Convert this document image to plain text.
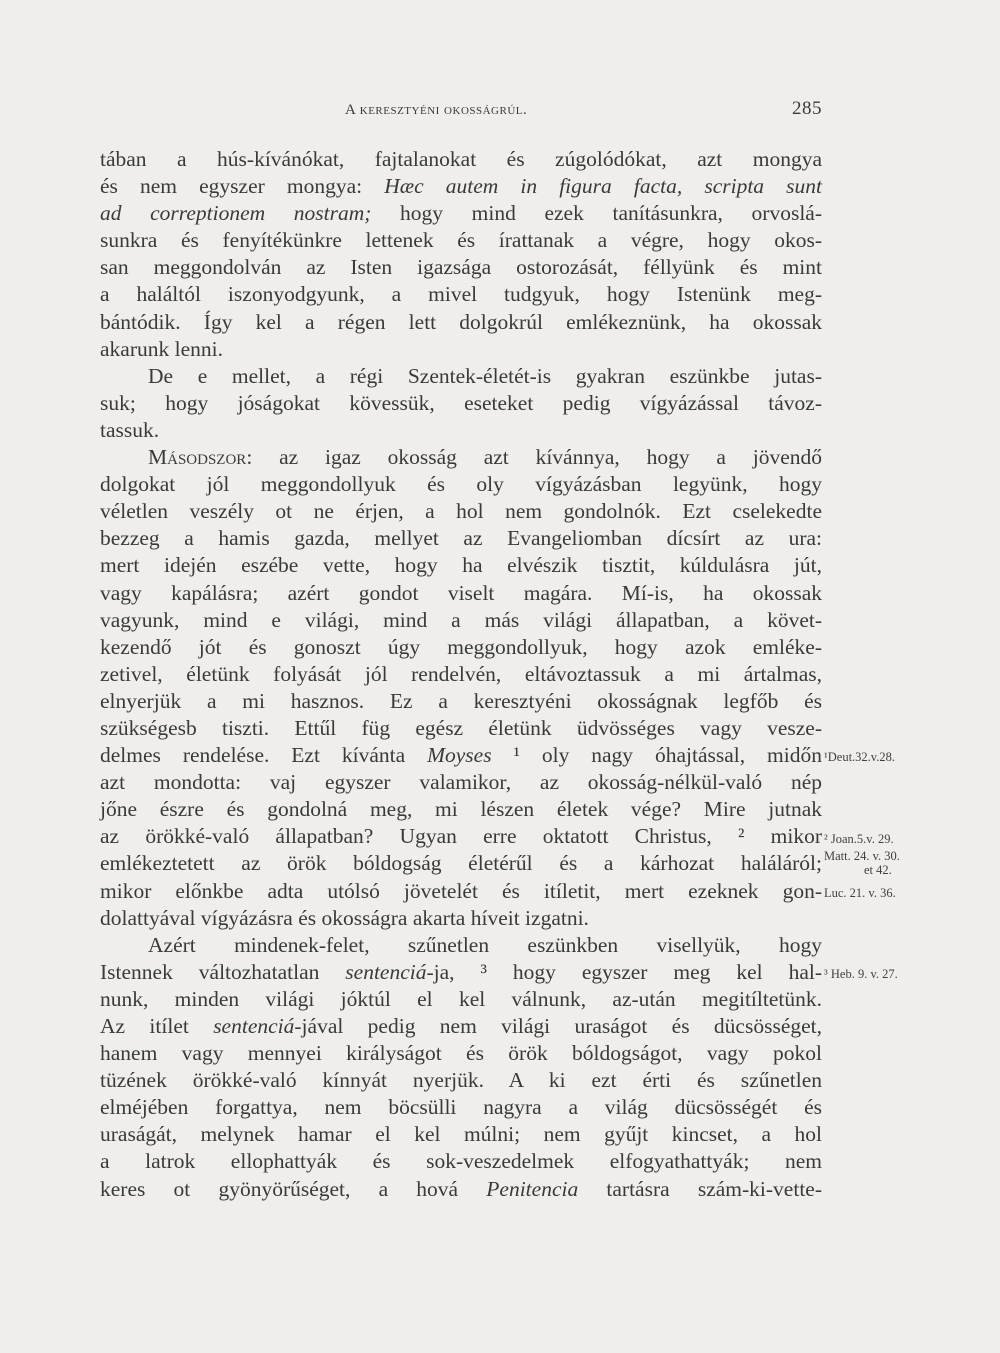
A keresztyéni okosságrúl.	285
tában a hús-kívánókat, fajtalanokat és zúgolódókat, azt mongya
és nem egyszer mongya: Hæc autem in figura facta, scripta sunt
ad correptionem nostram; hogy mind ezek tanításunkra, orvoslá-
sunkra és fenyítékünkre lettenek és írattanak a végre, hogy okos-
san meggondolván az Isten igazsága ostorozását, féllyünk és mint
a haláltól iszonyodgyunk, a mivel tudgyuk, hogy Istenünk meg-
bántódik. Így kel a régen lett dolgokrúl emlékeznünk, ha okossak
akarunk lenni.
De e mellet, a régi Szentek-életét-is gyakran eszünkbe jutas-
suk; hogy jóságokat kövessük, eseteket pedig vígyázással távoz-
tassuk.
Másodszor: az igaz okosság azt kívánnya, hogy a jövendő
dolgokat jól meggondollyuk és oly vígyázásban legyünk, hogy
véletlen veszély ot ne érjen, a hol nem gondolnók. Ezt cselekedte
bezzeg a hamis gazda, mellyet az Evangeliomban dícsírt az ura:
mert idején eszébe vette, hogy ha elvészik tisztit, kúldulásra jút,
vagy kapálásra; azért gondot viselt magára. Mí-is, ha okossak
vagyunk, mind e világi, mind a más világi állapatban, a követ-
kezendő jót és gonoszt úgy meggondollyuk, hogy azok emléke-
zetivel, életünk folyását jól rendelvén, eltávoztassuk a mi ártalmas,
elnyerjük a mi hasznos. Ez a keresztyéni okosságnak legfőb és
szükségesb tiszti. Ettűl füg egész életünk üdvösséges vagy vesze-
delmes rendelése. Ezt kívánta Moyses ¹ oly nagy óhajtással, midőn
azt mondotta: vaj egyszer valamikor, az okosság-nélkül-való nép
jőne észre és gondolná meg, mi lészen életek vége? Mire jutnak
az örökké-való állapatban? Ugyan erre oktatott Christus, ² mikor
emlékeztetett az örök bóldogság életérűl és a kárhozat haláláról;
mikor előnkbe adta utólsó jövetelét és itíletit, mert ezeknek gon-
dolattyával vígyázásra és okosságra akarta híveit izgatni.
Azért mindenek-felet, szűnetlen eszünkben visellyük, hogy
Istennek változhatatlan sentenciá-ja, ³ hogy egyszer meg kel hal-
nunk, minden világi jóktúl el kel válnunk, az-után megitíltetünk.
Az itílet sentenciá-jával pedig nem világi uraságot és dücsösséget,
hanem vagy mennyei királyságot és örök bóldogságot, vagy pokol
tüzének örökké-való kínnyát nyerjük. A ki ezt érti és szűnetlen
elméjében forgattya, nem böcsülli nagyra a világ dücsösségét és
uraságát, melynek hamar el kel múlni; nem gyűjt kincset, a hol
a latrok ellophattyák és sok-veszedelmek elfogyathattyák; nem
keres ot gyönyörűséget, a hová Penitencia tartásra szám-ki-vette-
¹Deut.32.v.28.
² Joan.5.v. 29.
Matt. 24. v. 30.
et 42.
Luc. 21. v. 36.
³ Heb. 9. v. 27.
